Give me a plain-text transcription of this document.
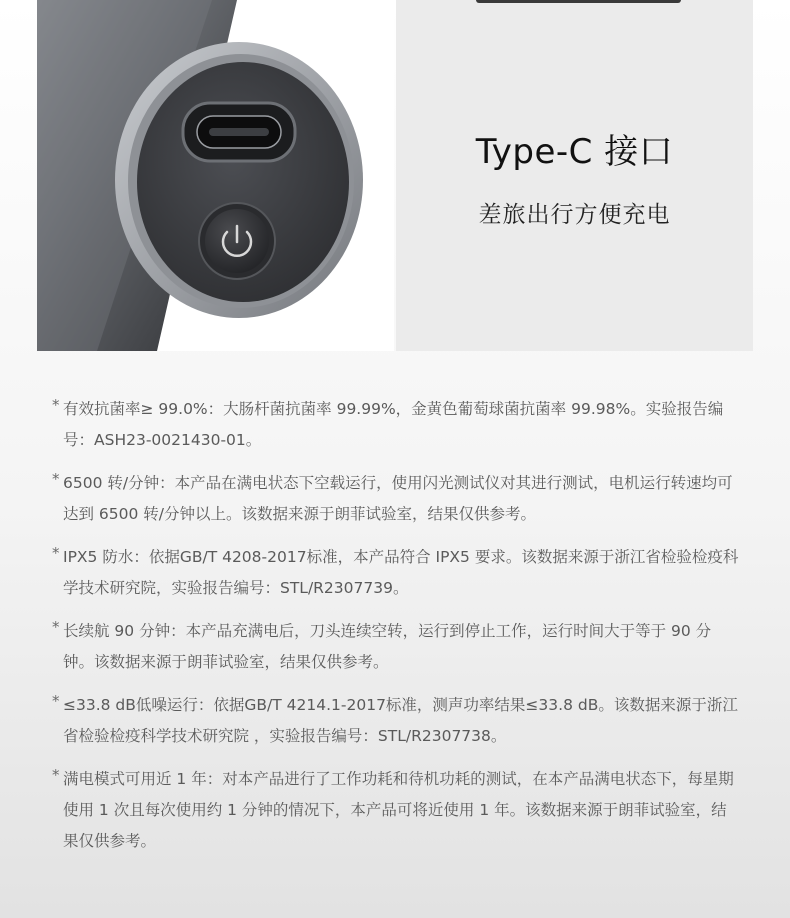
Type-C 接口
差旅出行方便充电
* 有效抗菌率≥ 99.0%：大肠杆菌抗菌率 99.99%，金黄色葡萄球菌抗菌率 99.98%。实验报告编号：ASH23-0021430-01。
* 6500 转/分钟：本产品在满电状态下空载运行，使用闪光测试仪对其进行测试，电机运行转速均可达到 6500 转/分钟以上。该数据来源于朗菲试验室，结果仅供参考。
* IPX5 防水：依据GB/T 4208-2017标准，本产品符合 IPX5 要求。该数据来源于浙江省检验检疫科学技术研究院，实验报告编号：STL/R2307739。
* 长续航 90 分钟：本产品充满电后，刀头连续空转，运行到停止工作，运行时间大于等于 90 分钟。该数据来源于朗菲试验室，结果仅供参考。
* ≤33.8 dB低噪运行：依据GB/T 4214.1-2017标准，测声功率结果≤33.8 dB。该数据来源于浙江省检验检疫科学技术研究院 ，实验报告编号：STL/R2307738。
* 满电模式可用近 1 年：对本产品进行了工作功耗和待机功耗的测试，在本产品满电状态下，每星期使用 1 次且每次使用约 1 分钟的情况下，本产品可将近使用 1 年。该数据来源于朗菲试验室，结果仅供参考。
